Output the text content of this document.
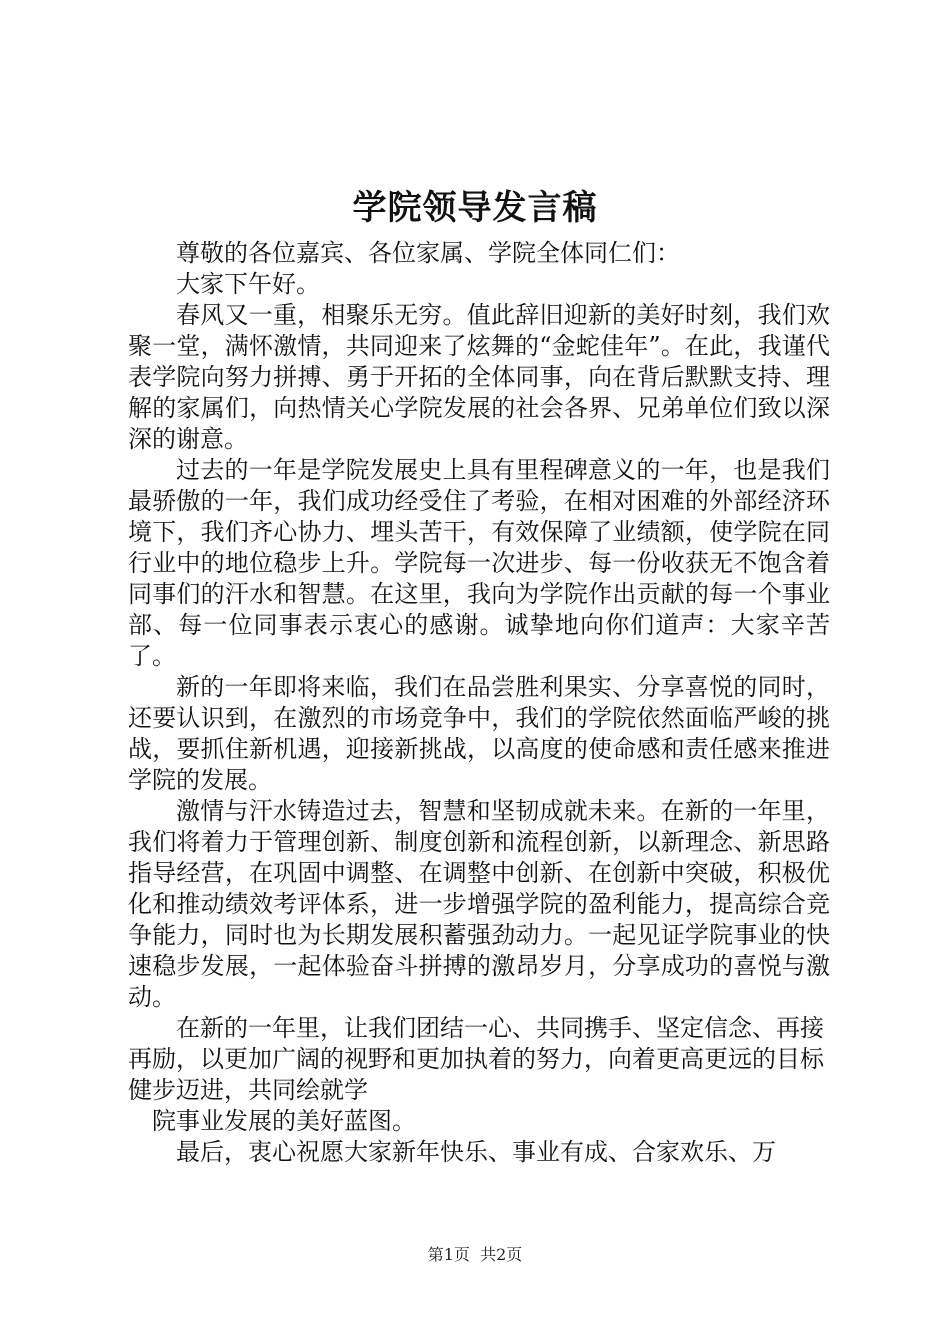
学院领导发言稿

尊敬的各位嘉宾、各位家属、学院全体同仁们：

大家下午好。

春风又一重，相聚乐无穷。值此辞旧迎新的美好时刻，我们欢聚一堂，满怀激情，共同迎来了炫舞的“金蛇佳年”。在此，我谨代表学院向努力拼搏、勇于开拓的全体同事，向在背后默默支持、理解的家属们，向热情关心学院发展的社会各界、兄弟单位们致以深深的谢意。

过去的一年是学院发展史上具有里程碑意义的一年，也是我们最骄傲的一年，我们成功经受住了考验，在相对困难的外部经济环境下，我们齐心协力、埋头苦干，有效保障了业绩额，使学院在同行业中的地位稳步上升。学院每一次进步、每一份收获无不饱含着同事们的汗水和智慧。在这里，我向为学院作出贡献的每一个事业部、每一位同事表示衷心的感谢。诚挚地向你们道声：大家辛苦了。

新的一年即将来临，我们在品尝胜利果实、分享喜悦的同时，还要认识到，在激烈的市场竞争中，我们的学院依然面临严峻的挑战，要抓住新机遇，迎接新挑战，以高度的使命感和责任感来推进学院的发展。

激情与汗水铸造过去，智慧和坚韧成就未来。在新的一年里，我们将着力于管理创新、制度创新和流程创新，以新理念、新思路指导经营，在巩固中调整、在调整中创新、在创新中突破，积极优化和推动绩效考评体系，进一步增强学院的盈利能力，提高综合竞争能力，同时也为长期发展积蓄强劲动力。一起见证学院事业的快速稳步发展，一起体验奋斗拼搏的激昂岁月，分享成功的喜悦与激动。

在新的一年里，让我们团结一心、共同携手、坚定信念、再接再励，以更加广阔的视野和更加执着的努力，向着更高更远的目标健步迈进，共同绘就学

院事业发展的美好蓝图。

最后，衷心祝愿大家新年快乐、事业有成、合家欢乐、万

第1页  共2页
